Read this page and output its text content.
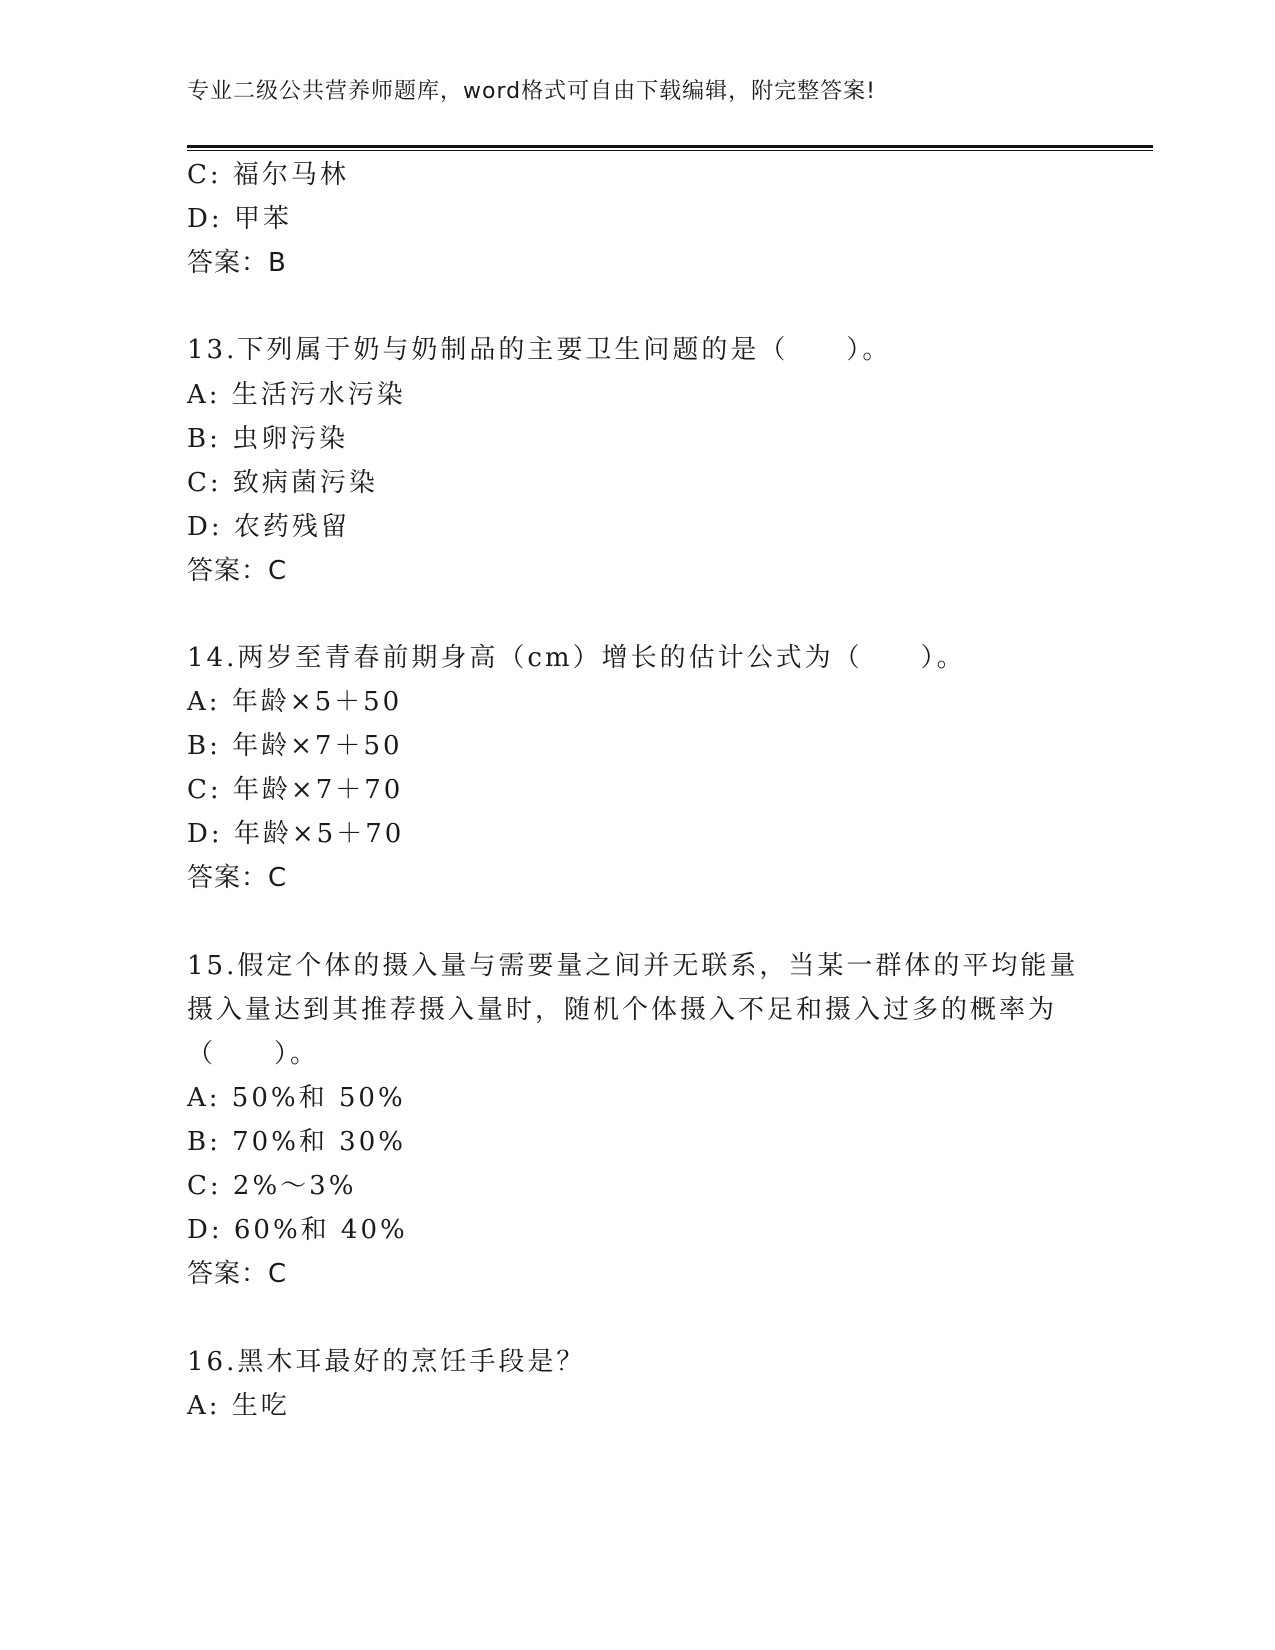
专业二级公共营养师题库，word格式可自由下载编辑，附完整答案!
C: 福尔马林
D: 甲苯
答案：B
13.下列属于奶与奶制品的主要卫生问题的是（　　）。
A: 生活污水污染
B: 虫卵污染
C: 致病菌污染
D: 农药残留
答案：C
14.两岁至青春前期身高（cm）增长的估计公式为（　　）。
A: 年龄×5＋50
B: 年龄×7＋50
C: 年龄×7＋70
D: 年龄×5＋70
答案：C
15.假定个体的摄入量与需要量之间并无联系，当某一群体的平均能量
摄入量达到其推荐摄入量时，随机个体摄入不足和摄入过多的概率为
（　　）。
A: 50%和 50%
B: 70%和 30%
C: 2%～3%
D: 60%和 40%
答案：C
16.黑木耳最好的烹饪手段是？
A: 生吃
